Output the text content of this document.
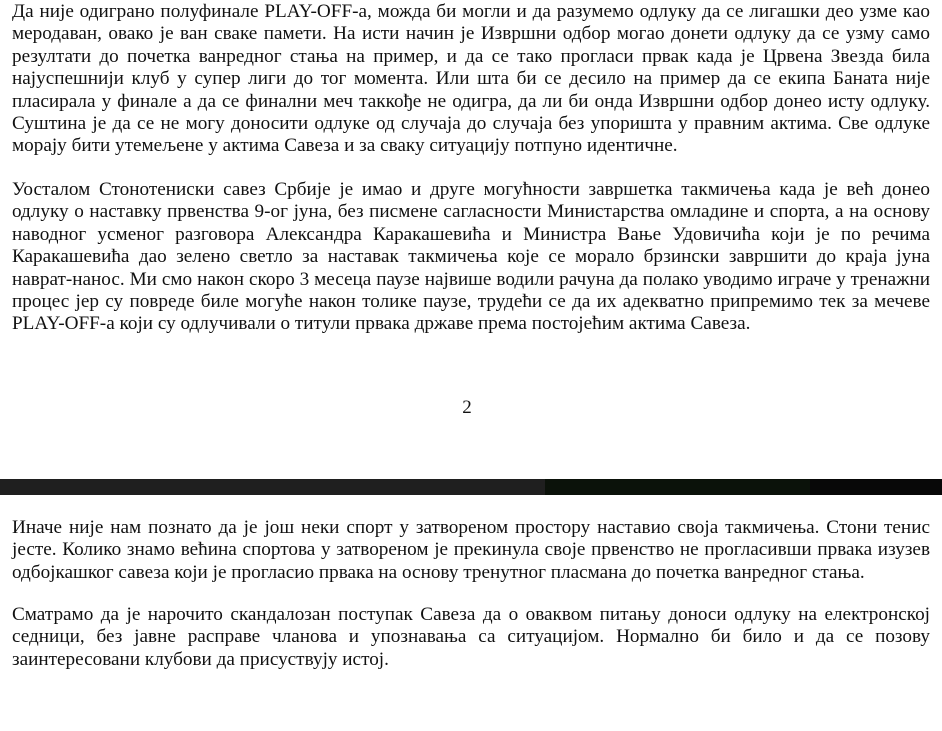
Да није одиграно полуфинале PLAY-OFF-а, можда би могли и да разумемо одлуку да се лигашки део узме као меродаван, овако је ван сваке памети. На исти начин је Извршни одбор могао донети одлуку да се узму само резултати до почетка ванредног стања на пример, и да се тако прогласи првак када је Црвена Звезда била најуспешнији клуб у супер лиги до тог момента. Или шта би се десило на пример да се екипа Баната није пласирала у финале а да се финални меч таккође не одигра, да ли би онда Извршни одбор донео исту одлуку. Суштина је да се не могу доносити одлуке од случаја до случаја без упоришта у правним актима. Све одлуке морају бити утемељене у актима Савеза и за сваку ситуацију потпуно идентичне.

Уосталом Стонотениски савез Србије је имао и друге могућности завршетка такмичења када је већ донео одлуку о наставку првенства 9-ог јуна, без писмене сагласности Министарства омладине и спорта, а на основу наводног усменог разговора Александра Каракашевића и Министра Вање Удовичића који је по речима Каракашевића дао зелено светло за наставак такмичења које се морало брзински завршити до краја јуна наврат-нанос. Ми смо након скоро 3 месеца паузе највише водили рачуна да полако уводимо играче у тренажни процес јер су повреде биле могуће након толике паузе, трудећи се да их адекватно припремимо тек за мечеве PLAY-OFF-а који су одлучивали о титули првака државе према постојећим актима Савеза.

2

Иначе није нам познато да је још неки спорт у затвореном простору наставио своја такмичења. Стони тенис јесте. Колико знамо већина спортова у затвореном је прекинула своје првенство не прогласивши првака изузев одбојкашког савеза који је прогласио првака на основу тренутног пласмана до почетка ванредног стања.

Сматрамо да је нарочито скандалозан поступак Савеза да о оваквом питању доноси одлуку на електронској седници, без јавне расправе чланова и упознавања са ситуацијом. Нормално би било и да се позову заинтересовани клубови да присуствују истој.
